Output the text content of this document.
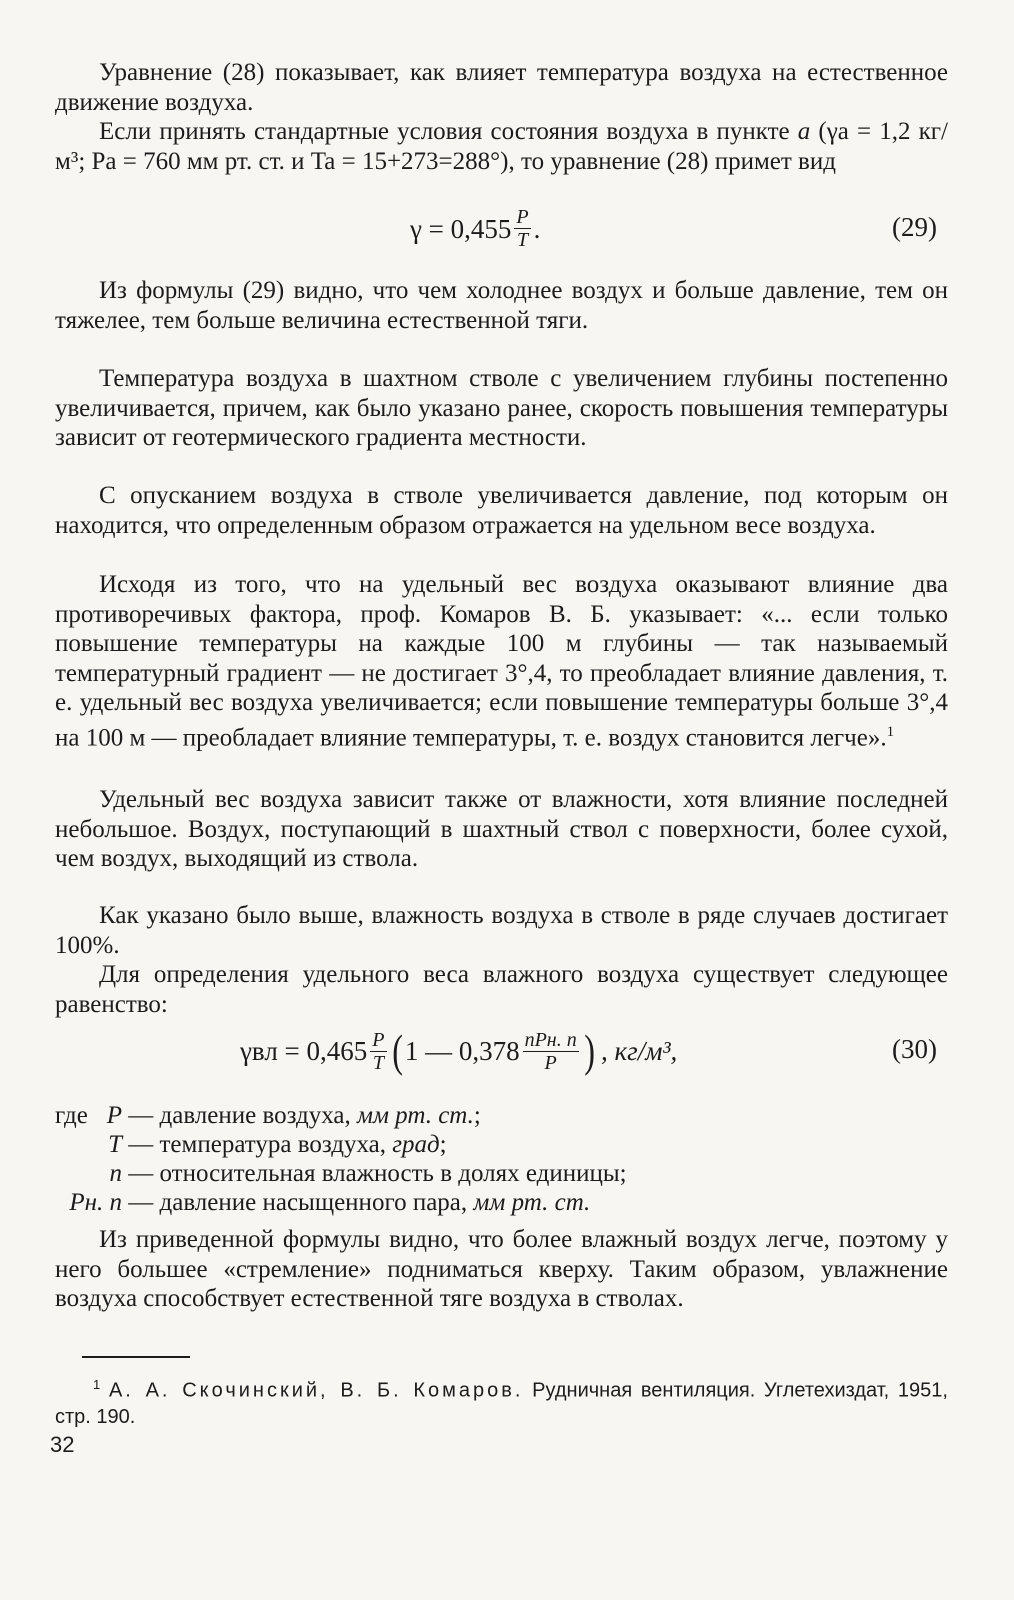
Уравнение (28) показывает, как влияет температура воздуха на естественное движение воздуха.
Если принять стандартные условия состояния воздуха в пункте a (γa = 1,2 кг/м³; Pa = 760 мм рт. ст. и Ta = 15+273=288°), то уравнение (28) примет вид
$\gamma = 0,455 \frac{P}{T}$ .	(29)
Из формулы (29) видно, что чем холоднее воздух и больше давление, тем он тяжелее, тем больше величина естественной тяги.
Температура воздуха в шахтном стволе с увеличением глубины постепенно увеличивается, причем, как было указано ранее, скорость повышения температуры зависит от геотермического градиента местности.
С опусканием воздуха в стволе увеличивается давление, под которым он находится, что определенным образом отражается на удельном весе воздуха.
Исходя из того, что на удельный вес воздуха оказывают влияние два противоречивых фактора, проф. Комаров В. Б. указывает: «... если только повышение температуры на каждые 100 м глубины — так называемый температурный градиент — не достигает 3°,4, то преобладает влияние давления, т. е. удельный вес воздуха увеличивается; если повышение температуры больше 3°,4 на 100 м — преобладает влияние температуры, т. е. воздух становится легче».$^1$
Удельный вес воздуха зависит также от влажности, хотя влияние последней небольшое. Воздух, поступающий в шахтный ствол с поверхности, более сухой, чем воздух, выходящий из ствола.
Как указано было выше, влажность воздуха в стволе в ряде случаев достигает 100%.
Для определения удельного веса влажного воздуха существует следующее равенство:
$\gamma вл = 0,465 \frac{P}{T}$ ( 1 — $0,378 \frac{\text{nPн. п}}{P}$ ) , кг/м³,	(30)
где P — давление воздуха, мм рт. ст.;
T — температура воздуха, град;
n — относительная влажность в долях единицы;
Pн. п — давление насыщенного пара, мм рт. ст.
Из приведенной формулы видно, что более влажный воздух легче, поэтому у него большее «стремление» подниматься кверху. Таким образом, увлажнение воздуха способствует естественной тяге воздуха в стволах.
$^1$ А. А. Скочинский, В. Б. Комаров. Рудничная вентиляция. Углетехиздат, 1951, стр. 190.
32
